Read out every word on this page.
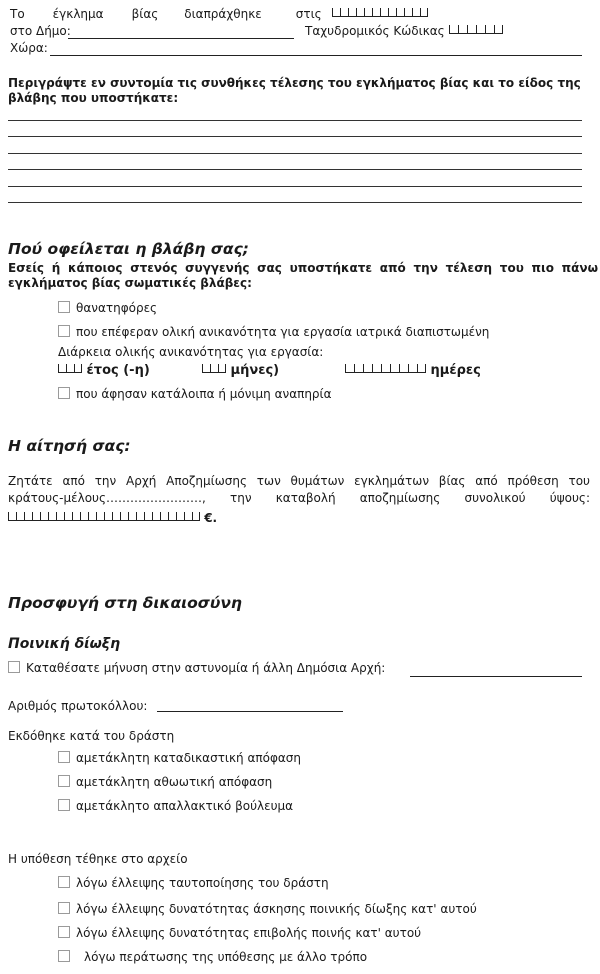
Το έγκλημα βίας διαπράχθηκε	στις
στο Δήμο:	Ταχυδρομικός Κώδικας
Χώρα:
Περιγράψτε εν συντομία τις συνθήκες τέλεσης του εγκλήματος βίας και το είδος της βλάβης που υποστήκατε:
Πού οφείλεται η βλάβη σας;
Εσείς ή κάποιος στενός συγγενής σας υποστήκατε από την τέλεση του πιο πάνω εγκλήματος βίας σωματικές βλάβες:
θανατηφόρες
που επέφεραν ολική ανικανότητα για εργασία ιατρικά διαπιστωμένη
Διάρκεια ολικής ανικανότητας για εργασία:
έτος (-η)	μήνες)	ημέρες
που άφησαν κατάλοιπα ή μόνιμη αναπηρία
Η αίτησή σας:
Ζητάτε από την Αρχή Αποζημίωσης των θυμάτων εγκλημάτων βίας από πρόθεση του
κράτους-μέλους……………………, την καταβολή αποζημίωσης συνολικού ύψους:
€.
Προσφυγή στη δικαιοσύνη
Ποινική δίωξη
Καταθέσατε μήνυση στην αστυνομία ή άλλη Δημόσια Αρχή:
Αριθμός πρωτοκόλλου:
Εκδόθηκε κατά του δράστη
αμετάκλητη καταδικαστική απόφαση
αμετάκλητη αθωωτική απόφαση
αμετάκλητο απαλλακτικό βούλευμα
Η υπόθεση τέθηκε στο αρχείο
λόγω έλλειψης ταυτοποίησης του δράστη
λόγω έλλειψης δυνατότητας άσκησης ποινικής δίωξης κατ' αυτού
λόγω έλλειψης δυνατότητας επιβολής ποινής κατ' αυτού
λόγω περάτωσης της υπόθεσης με άλλο τρόπο
